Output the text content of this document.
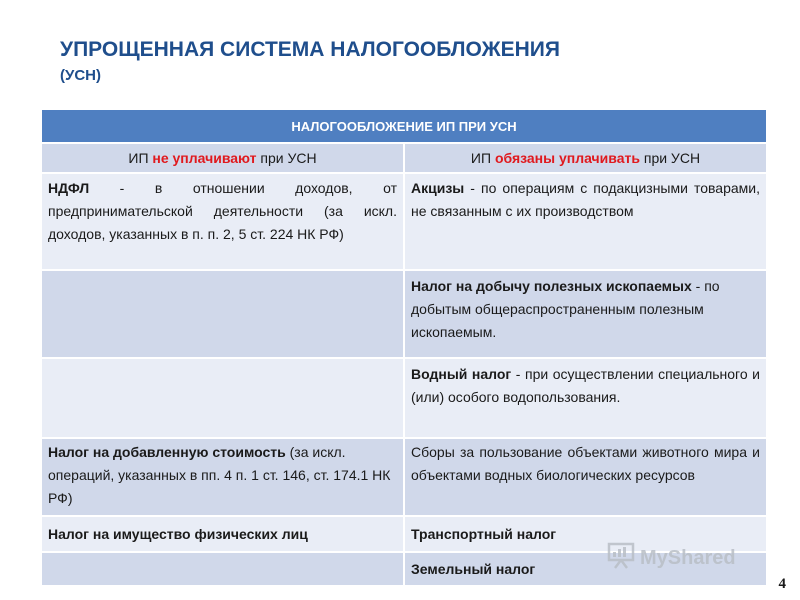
УПРОЩЕННАЯ СИСТЕМА НАЛОГООБЛОЖЕНИЯ
(УСН)
НАЛОГООБЛОЖЕНИЕ ИП ПРИ УСН	
ИП не уплачивают при УСН	ИП обязаны уплачивать при УСН
НДФЛ - в отношении доходов, от предпринимательской деятельности (за искл. доходов, указанных в п. п. 2, 5 ст. 224 НК РФ)	Акцизы - по операциям с подакцизными товарами, не связанным с их производством
	Налог на добычу полезных ископаемых - по добытым общераспространенным полезным ископаемым.
	Водный налог - при осуществлении специального и (или) особого водопользования.
Налог на добавленную стоимость (за искл. операций, указанных в пп. 4 п. 1 ст. 146, ст. 174.1 НК РФ)	Сборы за пользование объектами животного мира и объектами водных биологических ресурсов
Налог на имущество физических лиц	Транспортный налог
	Земельный налог	MyShared
4
